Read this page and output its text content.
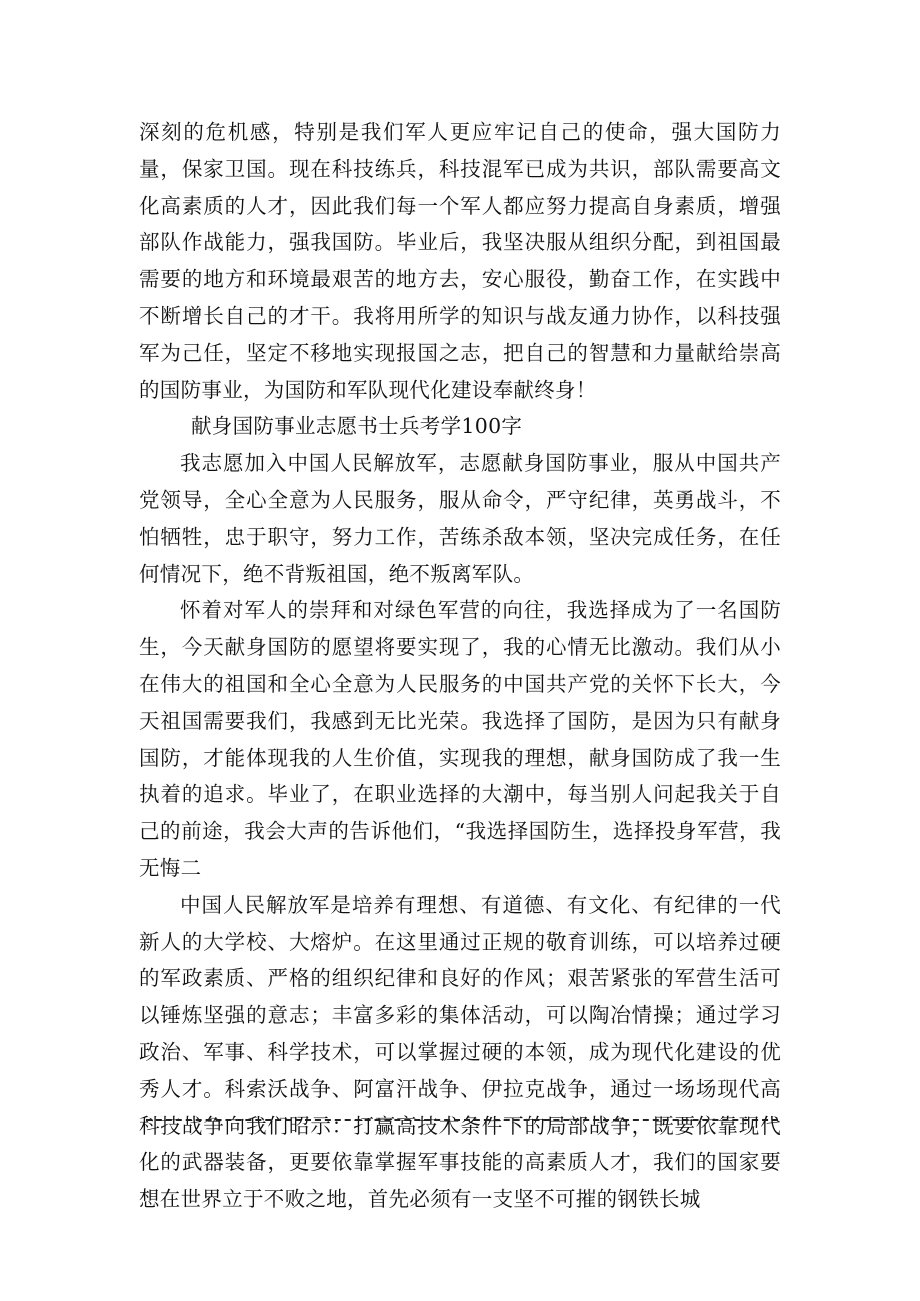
深刻的危机感，特别是我们军人更应牢记自己的使命，强大国防力量，保家卫国。现在科技练兵，科技混军已成为共识，部队需要高文化高素质的人才，因此我们每一个军人都应努力提高自身素质，增强部队作战能力，强我国防。毕业后，我坚决服从组织分配，到祖国最需要的地方和环境最艰苦的地方去，安心服役，勤奋工作，在实践中不断增长自己的才干。我将用所学的知识与战友通力协作，以科技强军为己任，坚定不移地实现报国之志，把自己的智慧和力量献给崇高的国防事业，为国防和军队现代化建设奉献终身！

献身国防事业志愿书士兵考学100字

我志愿加入中国人民解放军，志愿献身国防事业，服从中国共产党领导，全心全意为人民服务，服从命令，严守纪律，英勇战斗，不怕牺牲，忠于职守，努力工作，苦练杀敌本领，坚决完成任务，在任何情况下，绝不背叛祖国，绝不叛离军队。

怀着对军人的崇拜和对绿色军营的向往，我选择成为了一名国防生，今天献身国防的愿望将要实现了，我的心情无比激动。我们从小在伟大的祖国和全心全意为人民服务的中国共产党的关怀下长大，今天祖国需要我们，我感到无比光荣。我选择了国防，是因为只有献身国防，才能体现我的人生价值，实现我的理想，献身国防成了我一生执着的追求。毕业了，在职业选择的大潮中，每当别人问起我关于自己的前途，我会大声的告诉他们，“我选择国防生，选择投身军营，我无悔二

中国人民解放军是培养有理想、有道德、有文化、有纪律的一代新人的大学校、大熔炉。在这里通过正规的敬育训练，可以培养过硬的军政素质、严格的组织纪律和良好的作风；艰苦紧张的军营生活可以锤炼坚强的意志；丰富多彩的集体活动，可以陶冶情操；通过学习政治、军事、科学技术，可以掌握过硬的本领，成为现代化建设的优秀人才。科索沃战争、阿富汗战争、伊拉克战争，通过一场场现代高科技战争向我们昭示：打赢高技术条件下的局部战争，既要依靠现代化的武器装备，更要依靠掌握军事技能的高素质人才，我们的国家要想在世界立于不败之地，首先必须有一支坚不可摧的钢铁长城
